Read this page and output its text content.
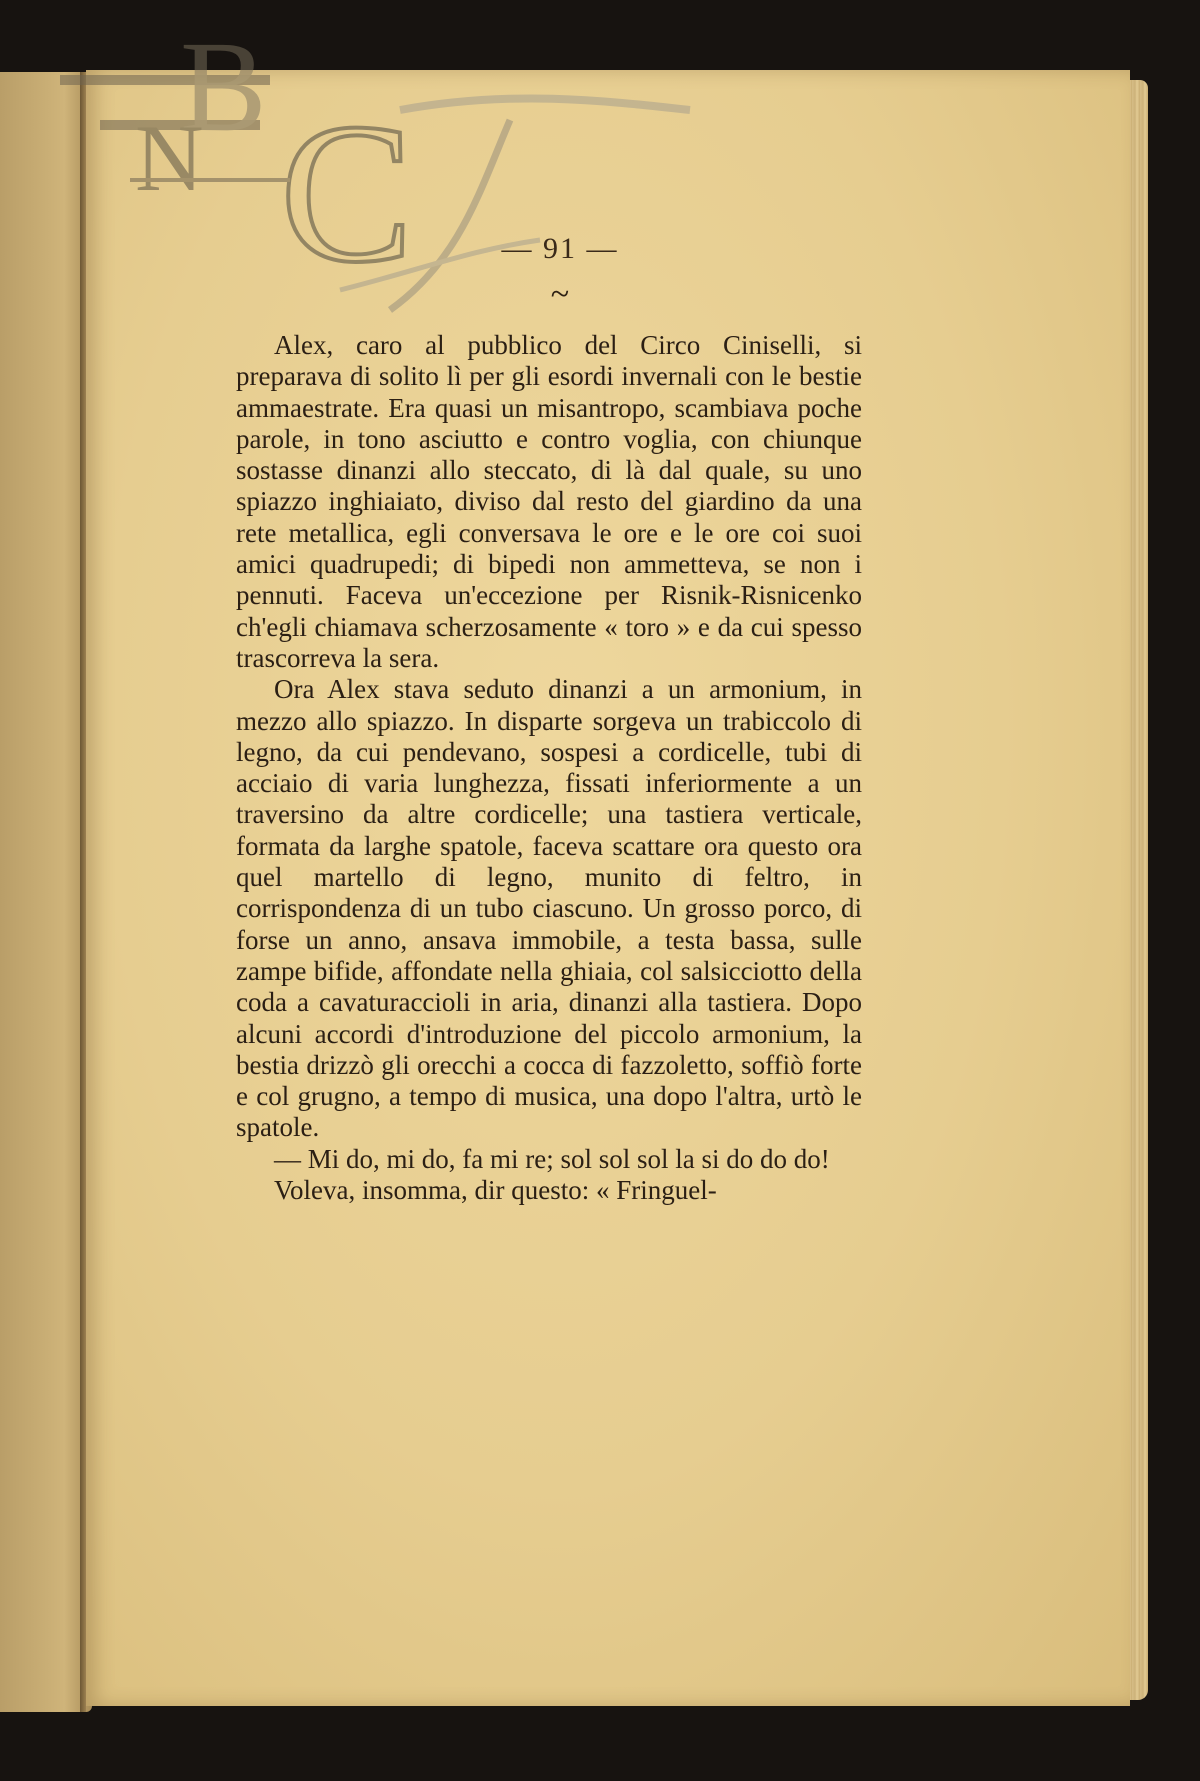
B
N C	— 91 —
~

Alex, caro al pubblico del Circo Ciniselli, si preparava di solito lì per gli esordi invernali con le bestie ammaestrate. Era quasi un misantropo, scambiava poche parole, in tono asciutto e contro voglia, con chiunque sostasse dinanzi allo steccato, di là dal quale, su uno spiazzo inghiaiato, diviso dal resto del giardino da una rete metallica, egli conversava le ore e le ore coi suoi amici quadrupedi; di bipedi non ammetteva, se non i pennuti. Faceva un'eccezione per Risnik-Risnicenko ch'egli chiamava scherzosamente « toro » e da cui spesso trascorreva la sera.

Ora Alex stava seduto dinanzi a un armonium, in mezzo allo spiazzo. In disparte sorgeva un trabiccolo di legno, da cui pendevano, sospesi a cordicelle, tubi di acciaio di varia lunghezza, fissati inferiormente a un traversino da altre cordicelle; una tastiera verticale, formata da larghe spatole, faceva scattare ora questo ora quel martello di legno, munito di feltro, in corrispondenza di un tubo ciascuno. Un grosso porco, di forse un anno, ansava immobile, a testa bassa, sulle zampe bifide, affondate nella ghiaia, col salsicciotto della coda a cavaturaccioli in aria, dinanzi alla tastiera. Dopo alcuni accordi d'introduzione del piccolo armonium, la bestia drizzò gli orecchi a cocca di fazzoletto, soffiò forte e col grugno, a tempo di musica, una dopo l'altra, urtò le spatole.

— Mi do, mi do, fa mi re; sol sol sol la si do do do!

Voleva, insomma, dir questo: « Fringuel-
